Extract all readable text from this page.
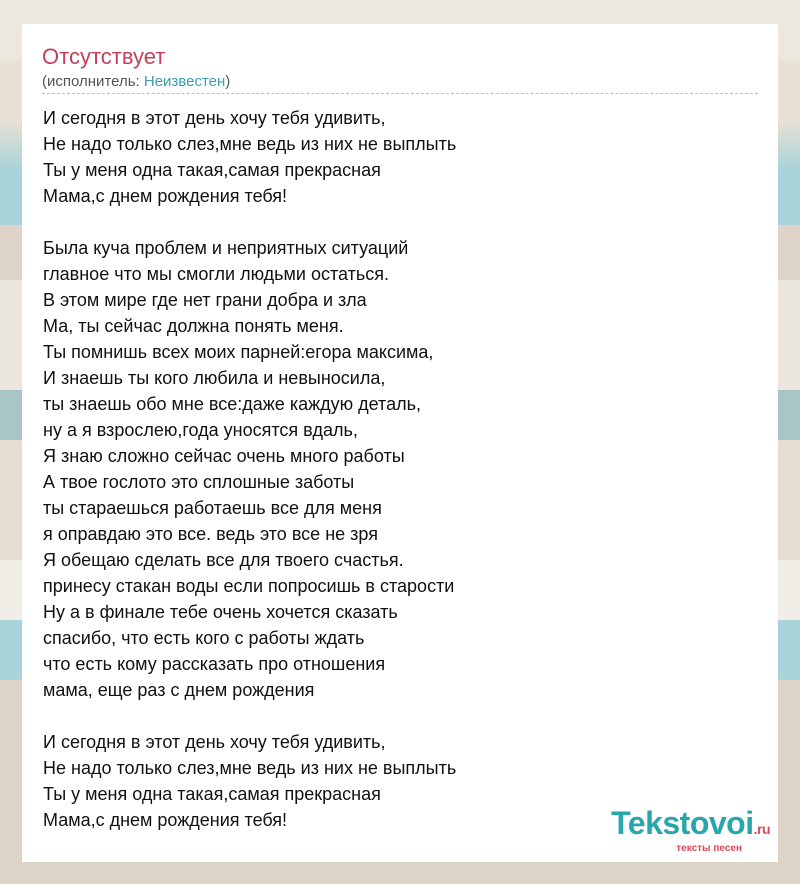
Отсутствует
(исполнитель: Неизвестен)
И сегодня в этот день хочу тебя удивить,
Не надо только слез,мне ведь из них не выплыть
Ты у меня одна такая,самая прекрасная
Мама,с днем рождения тебя!

Была куча проблем и неприятных ситуаций
главное что мы смогли людьми остаться.
В этом мире где нет грани добра и зла
Ма, ты сейчас должна понять меня.
Ты помнишь всех моих парней:егора максима,
И знаешь ты кого любила и невыносила,
ты знаешь обо мне все:даже каждую деталь,
ну а я взрослею,года уносятся вдаль,
Я знаю сложно сейчас очень много работы
А твое гослото это сплошные заботы
ты стараешься работаешь все для меня
я оправдаю это все. ведь это все не зря
Я обещаю сделать все для твоего счастья.
принесу стакан воды если попросишь в старости
Ну а в финале тебе очень хочется сказать
спасибо, что есть кого с работы ждать
что есть кому рассказать про отношения
мама, еще раз с днем рождения

И сегодня в этот день хочу тебя удивить,
Не надо только слез,мне ведь из них не выплыть
Ты у меня одна такая,самая прекрасная
Мама,с днем рождения тебя!	Tekstovoi.ru
тексты песен
